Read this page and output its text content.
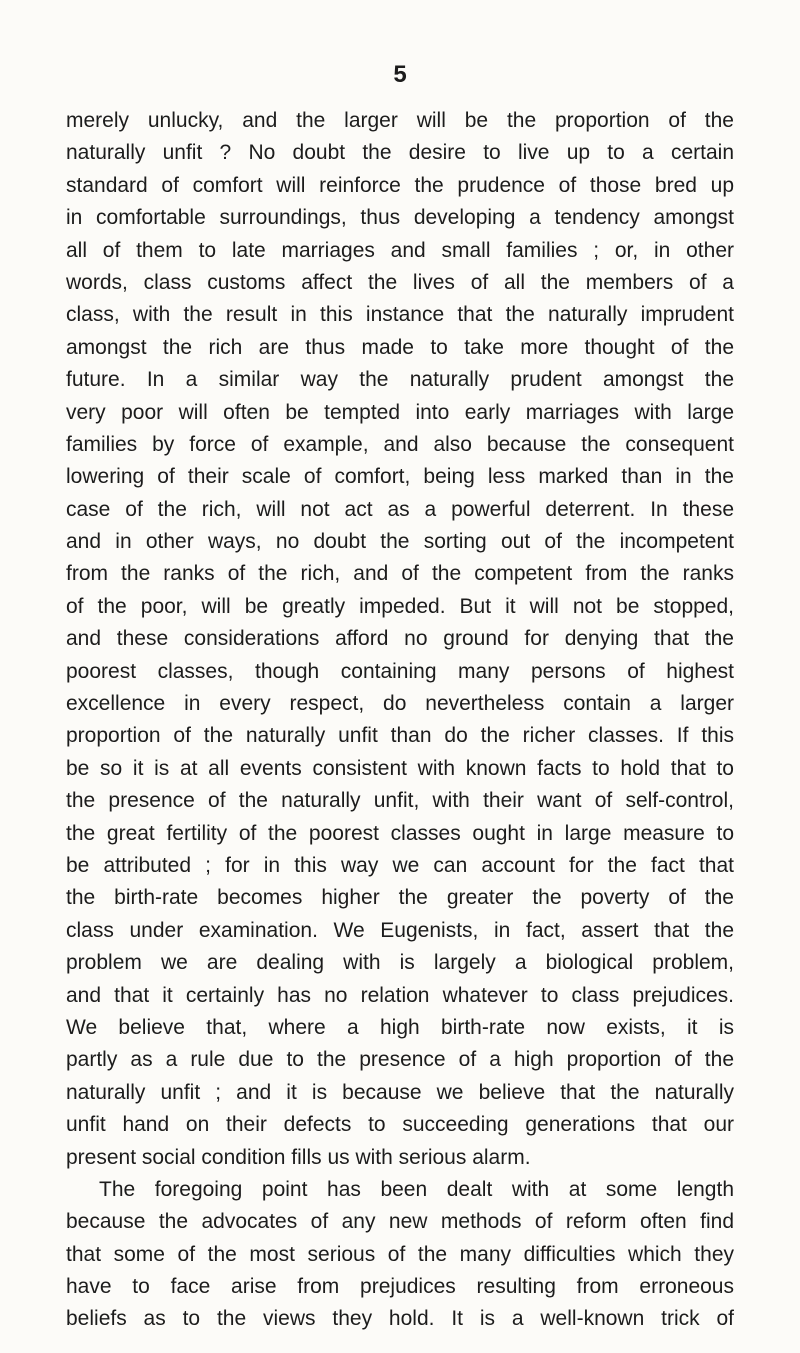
5
merely unlucky, and the larger will be the proportion of the
naturally unfit ? No doubt the desire to live up to a certain
standard of comfort will reinforce the prudence of those bred up
in comfortable surroundings, thus developing a tendency amongst
all of them to late marriages and small families ; or, in other
words, class customs affect the lives of all the members of a
class, with the result in this instance that the naturally imprudent
amongst the rich are thus made to take more thought of the
future. In a similar way the naturally prudent amongst the
very poor will often be tempted into early marriages with large
families by force of example, and also because the consequent
lowering of their scale of comfort, being less marked than in the
case of the rich, will not act as a powerful deterrent. In these
and in other ways, no doubt the sorting out of the incompetent
from the ranks of the rich, and of the competent from the ranks
of the poor, will be greatly impeded. But it will not be stopped,
and these considerations afford no ground for denying that the
poorest classes, though containing many persons of highest
excellence in every respect, do nevertheless contain a larger
proportion of the naturally unfit than do the richer classes. If this
be so it is at all events consistent with known facts to hold that to
the presence of the naturally unfit, with their want of self-control,
the great fertility of the poorest classes ought in large measure to
be attributed ; for in this way we can account for the fact that
the birth-rate becomes higher the greater the poverty of the
class under examination. We Eugenists, in fact, assert that the
problem we are dealing with is largely a biological problem,
and that it certainly has no relation whatever to class prejudices.
We believe that, where a high birth-rate now exists, it is
partly as a rule due to the presence of a high proportion of the
naturally unfit ; and it is because we believe that the naturally
unfit hand on their defects to succeeding generations that our
present social condition fills us with serious alarm.
The foregoing point has been dealt with at some length
because the advocates of any new methods of reform often find
that some of the most serious of the many difficulties which they
have to face arise from prejudices resulting from erroneous
beliefs as to the views they hold. It is a well-known trick of
